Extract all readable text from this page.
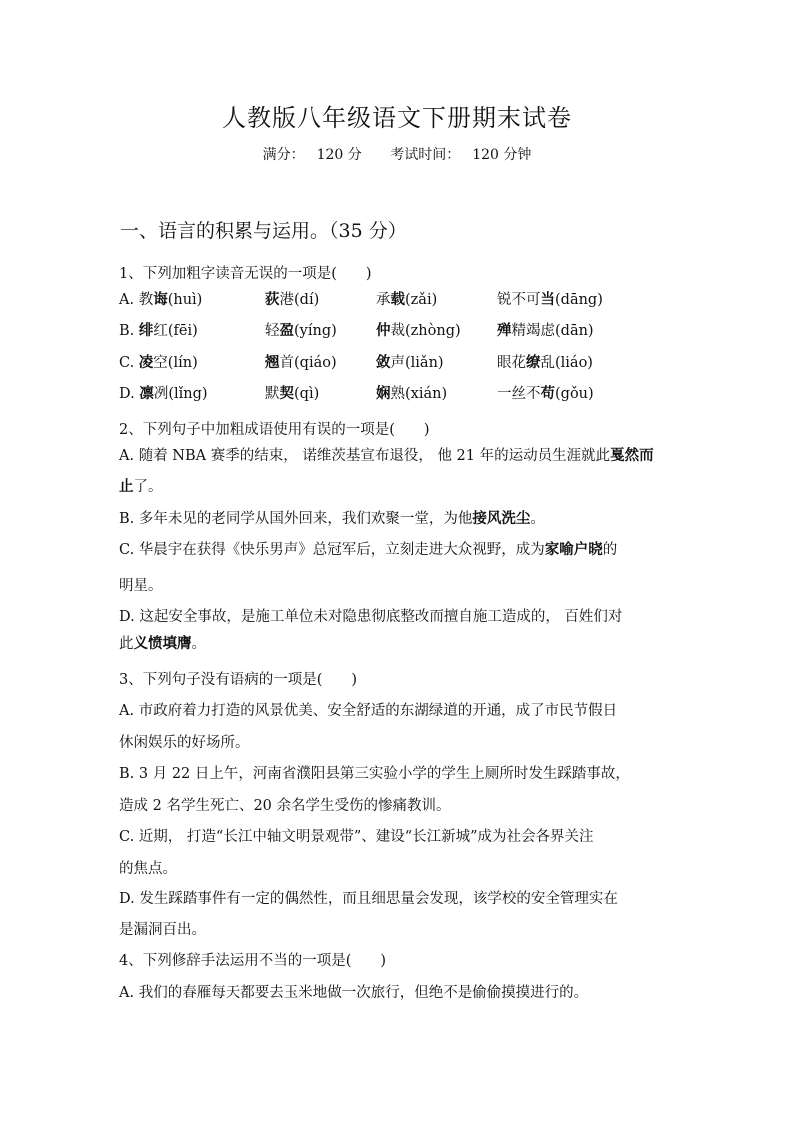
人教版八年级语文下册期末试卷
满分： 120 分 考试时间： 120 分钟
一、语言的积累与运用。（35 分）
1、下列加粗字读音无误的一项是(　　)
A. 教诲(huì)	荻港(dí)	承载(zǎi)	锐不可当(dāng)
B. 绯红(fēi)	轻盈(yíng)	仲裁(zhòng)	殚精竭虑(dān)
C. 凌空(lín)	翘首(qiáo)	敛声(liǎn)	眼花缭乱(liáo)
D. 凛冽(lǐng)	默契(qì)	娴熟(xián)	一丝不苟(gǒu)
2、下列句子中加粗成语使用有误的一项是(　　)
A. 随着 NBA 赛季的结束， 诺维茨基宣布退役， 他 21 年的运动员生涯就此戛然而
止了。
B. 多年未见的老同学从国外回来，我们欢聚一堂，为他接风洗尘。
C. 华晨宇在获得《快乐男声》总冠军后，立刻走进大众视野，成为家喻户晓的
明星。
D. 这起安全事故，是施工单位未对隐患彻底整改而擅自施工造成的， 百姓们对
此义愤填膺。
3、下列句子没有语病的一项是(　　)
A. 市政府着力打造的风景优美、安全舒适的东湖绿道的开通，成了市民节假日
休闲娱乐的好场所。
B. 3 月 22 日上午，河南省濮阳县第三实验小学的学生上厕所时发生踩踏事故，
造成 2 名学生死亡、20 余名学生受伤的惨痛教训。
C. 近期， 打造“长江中轴文明景观带”、建设“长江新城”成为社会各界关注
的焦点。
D. 发生踩踏事件有一定的偶然性，而且细思量会发现，该学校的安全管理实在
是漏洞百出。
4、下列修辞手法运用不当的一项是(　　)
A. 我们的春雁每天都要去玉米地做一次旅行，但绝不是偷偷摸摸进行的。
